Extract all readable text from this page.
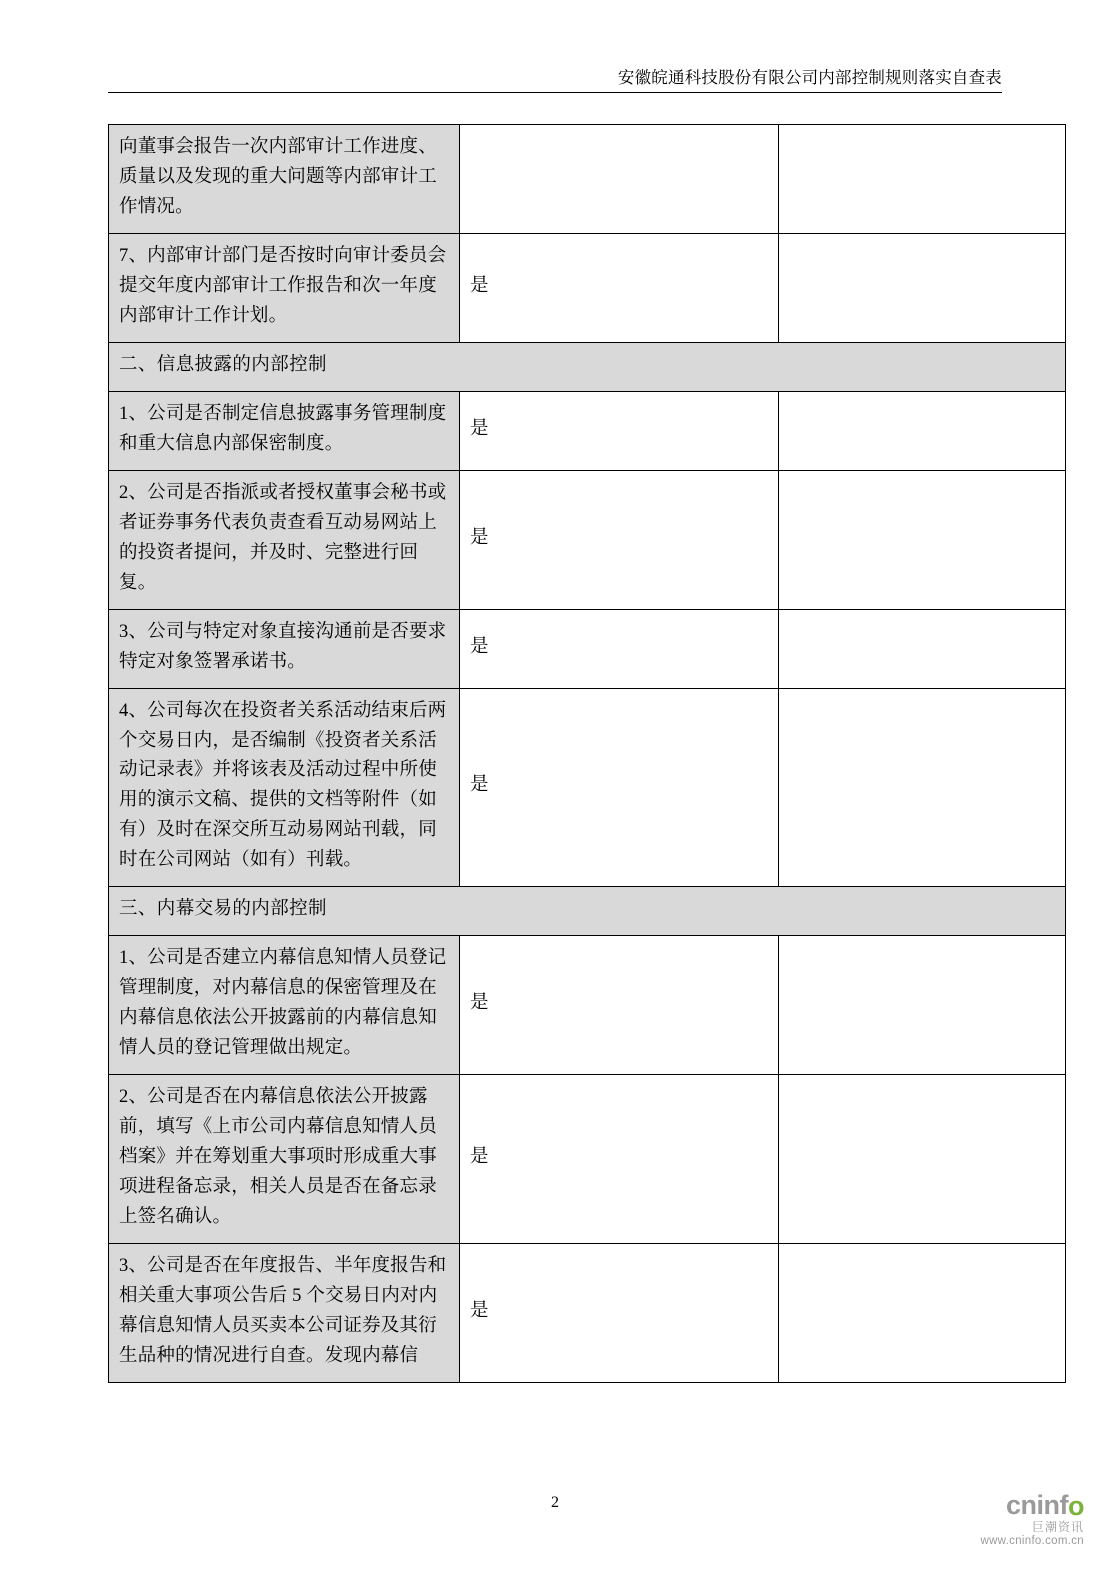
安徽皖通科技股份有限公司内部控制规则落实自查表
向董事会报告一次内部审计工作进度、质量以及发现的重大问题等内部审计工作情况。		
7、内部审计部门是否按时向审计委员会提交年度内部审计工作报告和次一年度内部审计工作计划。	是	
二、信息披露的内部控制		
1、公司是否制定信息披露事务管理制度和重大信息内部保密制度。	是	
2、公司是否指派或者授权董事会秘书或者证券事务代表负责查看互动易网站上的投资者提问，并及时、完整进行回复。	是	
3、公司与特定对象直接沟通前是否要求特定对象签署承诺书。	是	
4、公司每次在投资者关系活动结束后两个交易日内，是否编制《投资者关系活动记录表》并将该表及活动过程中所使用的演示文稿、提供的文档等附件（如有）及时在深交所互动易网站刊载，同时在公司网站（如有）刊载。	是	
三、内幕交易的内部控制		
1、公司是否建立内幕信息知情人员登记管理制度，对内幕信息的保密管理及在内幕信息依法公开披露前的内幕信息知情人员的登记管理做出规定。	是	
2、公司是否在内幕信息依法公开披露前，填写《上市公司内幕信息知情人员档案》并在筹划重大事项时形成重大事项进程备忘录，相关人员是否在备忘录上签名确认。	是	
3、公司是否在年度报告、半年度报告和相关重大事项公告后 5 个交易日内对内幕信息知情人员买卖本公司证券及其衍生品种的情况进行自查。发现内幕信	是	
2	cninfo
巨潮资讯
www.cninfo.com.cn
